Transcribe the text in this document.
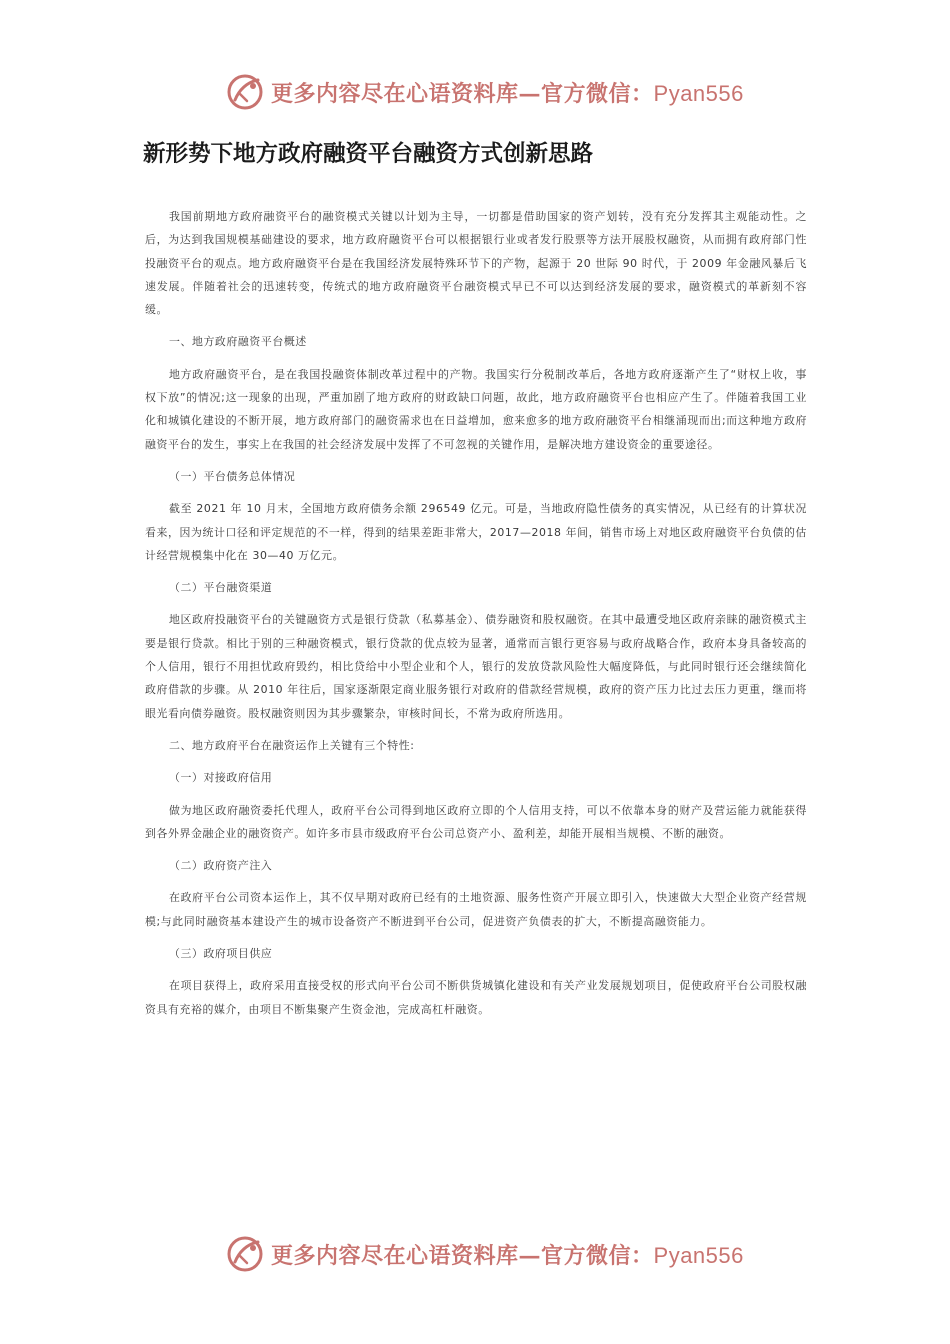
更多内容尽在心语资料库—官方微信：Pyan556
新形势下地方政府融资平台融资方式创新思路

我国前期地方政府融资平台的融资模式关键以计划为主导，一切都是借助国家的资产划转，没有充分发挥其主观能动性。之后，为达到我国规模基础建设的要求，地方政府融资平台可以根据银行业或者发行股票等方法开展股权融资，从而拥有政府部门性投融资平台的观点。地方政府融资平台是在我国经济发展特殊环节下的产物，起源于 20 世际 90 时代，于 2009 年金融风暴后飞速发展。伴随着社会的迅速转变，传统式的地方政府融资平台融资模式早已不可以达到经济发展的要求，融资模式的革新刻不容缓。

一、地方政府融资平台概述

地方政府融资平台，是在我国投融资体制改革过程中的产物。我国实行分税制改革后，各地方政府逐渐产生了“财权上收，事权下放”的情况;这一现象的出现，严重加剧了地方政府的财政缺口问题，故此，地方政府融资平台也相应产生了。伴随着我国工业化和城镇化建设的不断开展，地方政府部门的融资需求也在日益增加，愈来愈多的地方政府融资平台相继涌现而出;而这种地方政府融资平台的发生，事实上在我国的社会经济发展中发挥了不可忽视的关键作用，是解决地方建设资金的重要途径。

（一）平台债务总体情况

截至 2021 年 10 月末，全国地方政府债务余额 296549 亿元。可是，当地政府隐性债务的真实情况，从已经有的计算状况看来，因为统计口径和评定规范的不一样，得到的结果差距非常大，2017—2018 年间，销售市场上对地区政府融资平台负债的估计经营规模集中化在 30—40 万亿元。

（二）平台融资渠道

地区政府投融资平台的关键融资方式是银行贷款（私募基金）、债券融资和股权融资。在其中最遭受地区政府亲睐的融资模式主要是银行贷款。相比于别的三种融资模式，银行贷款的优点较为显著，通常而言银行更容易与政府战略合作，政府本身具备较高的个人信用，银行不用担忧政府毁约，相比贷给中小型企业和个人，银行的发放贷款风险性大幅度降低，与此同时银行还会继续简化政府借款的步骤。从 2010 年往后，国家逐渐限定商业服务银行对政府的借款经营规模，政府的资产压力比过去压力更重，继而将眼光看向债券融资。股权融资则因为其步骤繁杂，审核时间长，不常为政府所选用。

二、地方政府平台在融资运作上关键有三个特性:

（一）对接政府信用

做为地区政府融资委托代理人，政府平台公司得到地区政府立即的个人信用支持，可以不依靠本身的财产及营运能力就能获得到各外界金融企业的融资资产。如许多市县市级政府平台公司总资产小、盈利差，却能开展相当规模、不断的融资。

（二）政府资产注入

在政府平台公司资本运作上，其不仅早期对政府已经有的土地资源、服务性资产开展立即引入，快速做大大型企业资产经营规模;与此同时融资基本建设产生的城市设备资产不断进到平台公司，促进资产负债表的扩大，不断提高融资能力。

（三）政府项目供应

在项目获得上，政府采用直接受权的形式向平台公司不断供货城镇化建设和有关产业发展规划项目，促使政府平台公司股权融资具有充裕的媒介，由项目不断集聚产生资金池，完成高杠杆融资。

更多内容尽在心语资料库—官方微信：Pyan556
